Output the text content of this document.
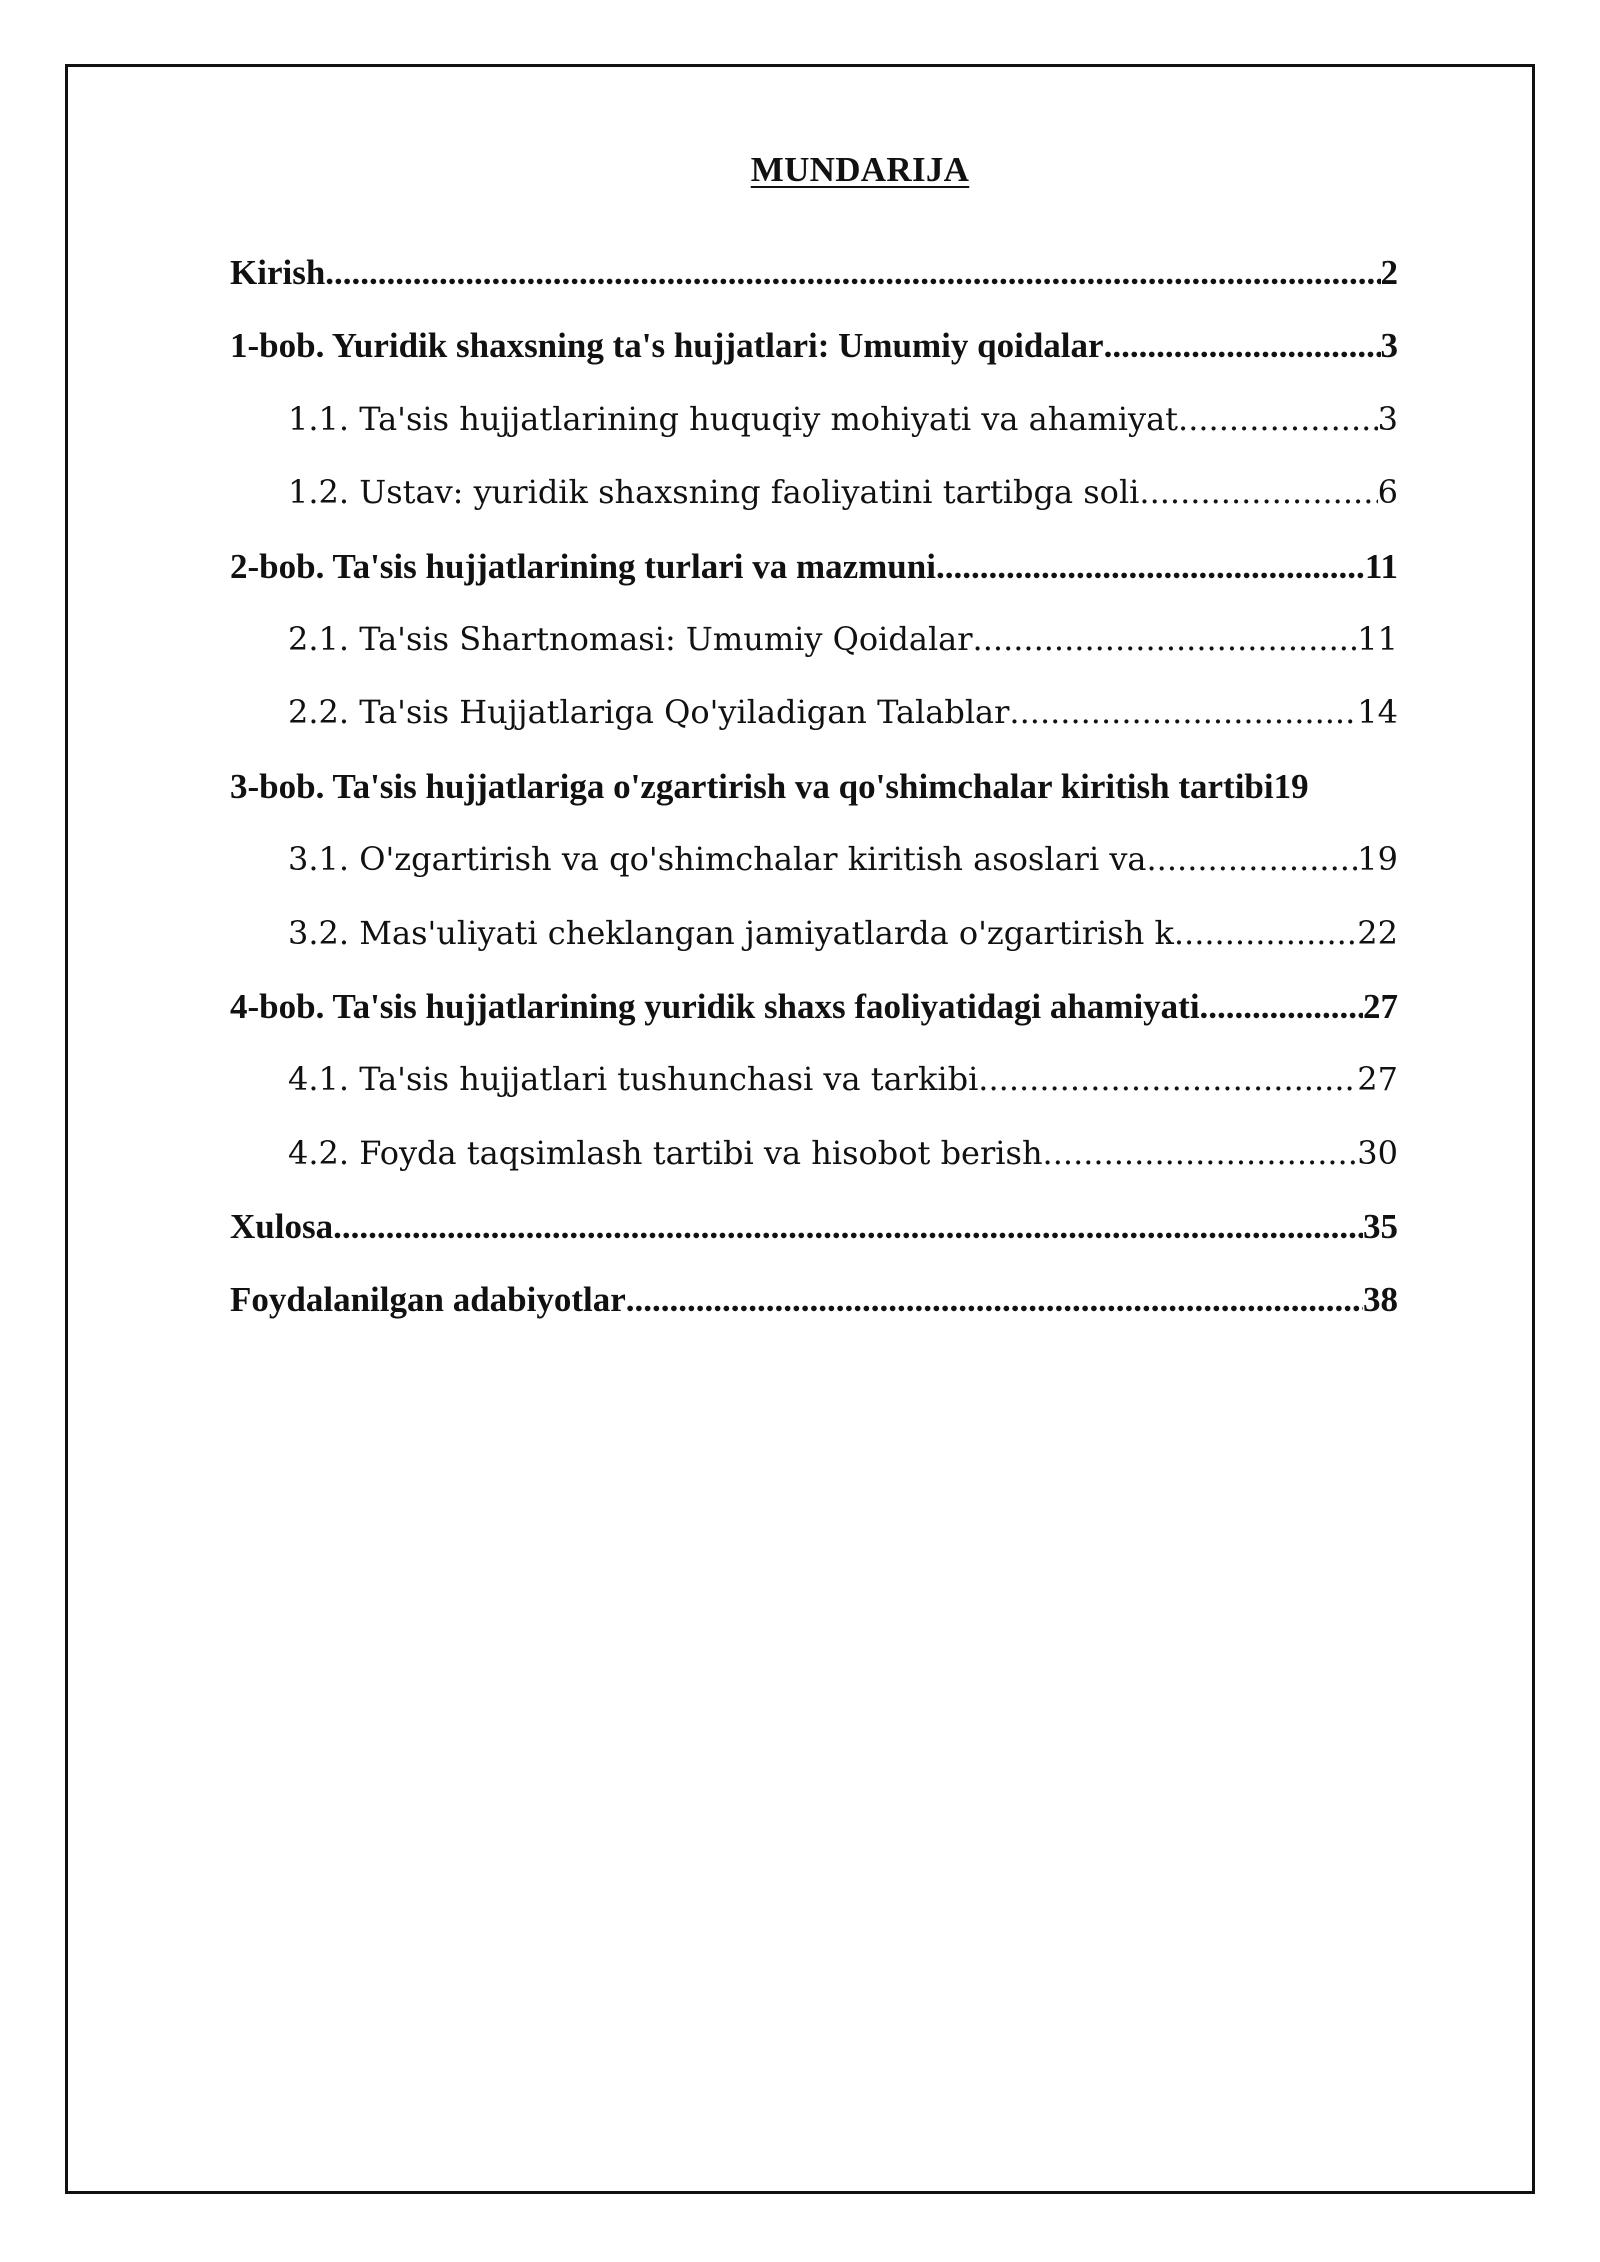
MUNDARIJA
Kirish .....	2
1-bob. Yuridik shaxsning ta's hujjatlari: Umumiy qoidalar .....	3
1.1. Ta'sis hujjatlarining huquqiy mohiyati va ahamiyat .....	3
1.2. Ustav: yuridik shaxsning faoliyatini tartibga soli .....	6
2-bob. Ta'sis hujjatlarining turlari va mazmuni .....	11
2.1. Ta'sis Shartnomasi: Umumiy Qoidalar .....	11
2.2. Ta'sis Hujjatlariga Qo'yiladigan Talablar .....	14
3-bob. Ta'sis hujjatlariga o'zgartirish va qo'shimchalar kiritish tartibi 19
3.1. O'zgartirish va qo'shimchalar kiritish asoslari va .....	19
3.2. Mas'uliyati cheklangan jamiyatlarda o'zgartirish k .....	22
4-bob. Ta'sis hujjatlarining yuridik shaxs faoliyatidagi ahamiyati .....	27
4.1. Ta'sis hujjatlari tushunchasi va tarkibi .....	27
4.2. Foyda taqsimlash tartibi va hisobot berish .....	30
Xulosa .....	35
Foydalanilgan adabiyotlar .....	38
